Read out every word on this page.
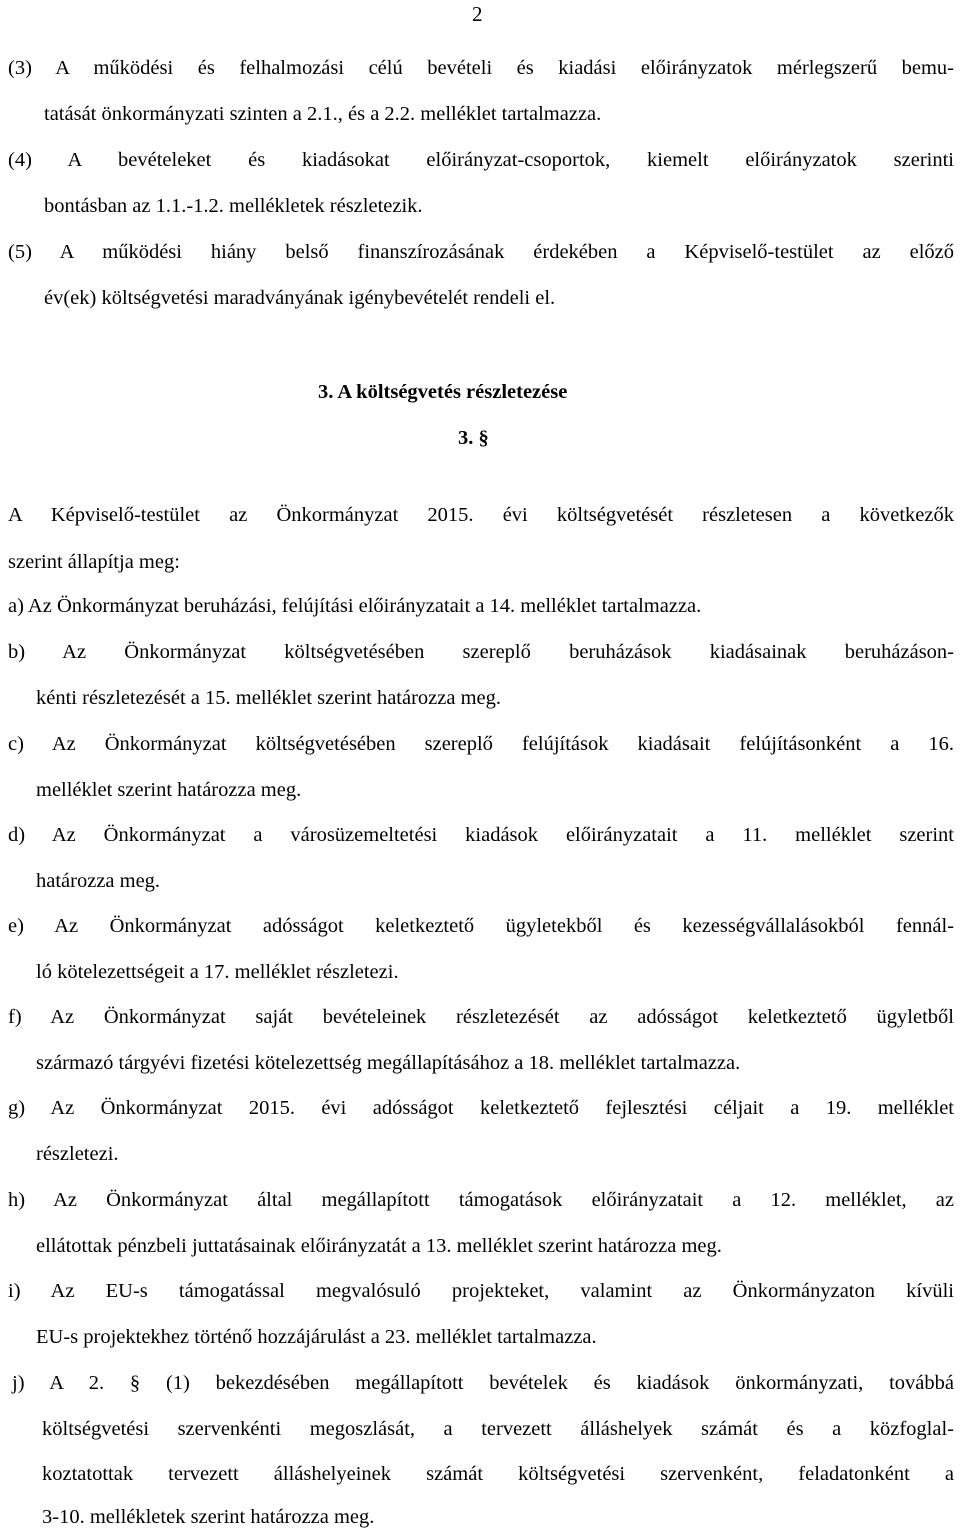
2
(3) A működési és felhalmozási célú bevételi és kiadási előirányzatok mérlegszerű bemu-
tatását önkormányzati szinten a 2.1., és a 2.2. melléklet tartalmazza.
(4) A bevételeket és kiadásokat előirányzat-csoportok, kiemelt előirányzatok szerinti
bontásban az 1.1.-1.2. mellékletek részletezik.
(5) A működési hiány belső finanszírozásának érdekében a Képviselő-testület az előző
év(ek) költségvetési maradványának igénybevételét rendeli el.
3. A költségvetés részletezése
3. §
A Képviselő-testület az Önkormányzat 2015. évi költségvetését részletesen a következők
szerint állapítja meg:
a) Az Önkormányzat beruházási, felújítási előirányzatait a 14. melléklet tartalmazza.
b) Az Önkormányzat költségvetésében szereplő beruházások kiadásainak beruházáson-
kénti részletezését a 15. melléklet szerint határozza meg.
c) Az Önkormányzat költségvetésében szereplő felújítások kiadásait felújításonként a 16.
melléklet szerint határozza meg.
d) Az Önkormányzat a városüzemeltetési kiadások előirányzatait a 11. melléklet szerint
határozza meg.
e) Az Önkormányzat adósságot keletkeztető ügyletekből és kezességvállalásokból fennál-
ló kötelezettségeit a 17. melléklet részletezi.
f) Az Önkormányzat saját bevételeinek részletezését az adósságot keletkeztető ügyletből
származó tárgyévi fizetési kötelezettség megállapításához a 18. melléklet tartalmazza.
g) Az Önkormányzat 2015. évi adósságot keletkeztető fejlesztési céljait a 19. melléklet
részletezi.
h) Az Önkormányzat által megállapított támogatások előirányzatait a 12. melléklet, az
ellátottak pénzbeli juttatásainak előirányzatát a 13. melléklet szerint határozza meg.
i) Az EU-s támogatással megvalósuló projekteket, valamint az Önkormányzaton kívüli
EU-s projektekhez történő hozzájárulást a 23. melléklet tartalmazza.
j) A 2. § (1) bekezdésében megállapított bevételek és kiadások önkormányzati, továbbá
költségvetési szervenkénti megoszlását, a tervezett álláshelyek számát és a közfoglal-
koztatottak tervezett álláshelyeinek számát költségvetési szervenként, feladatonként a
3-10. mellékletek szerint határozza meg.
